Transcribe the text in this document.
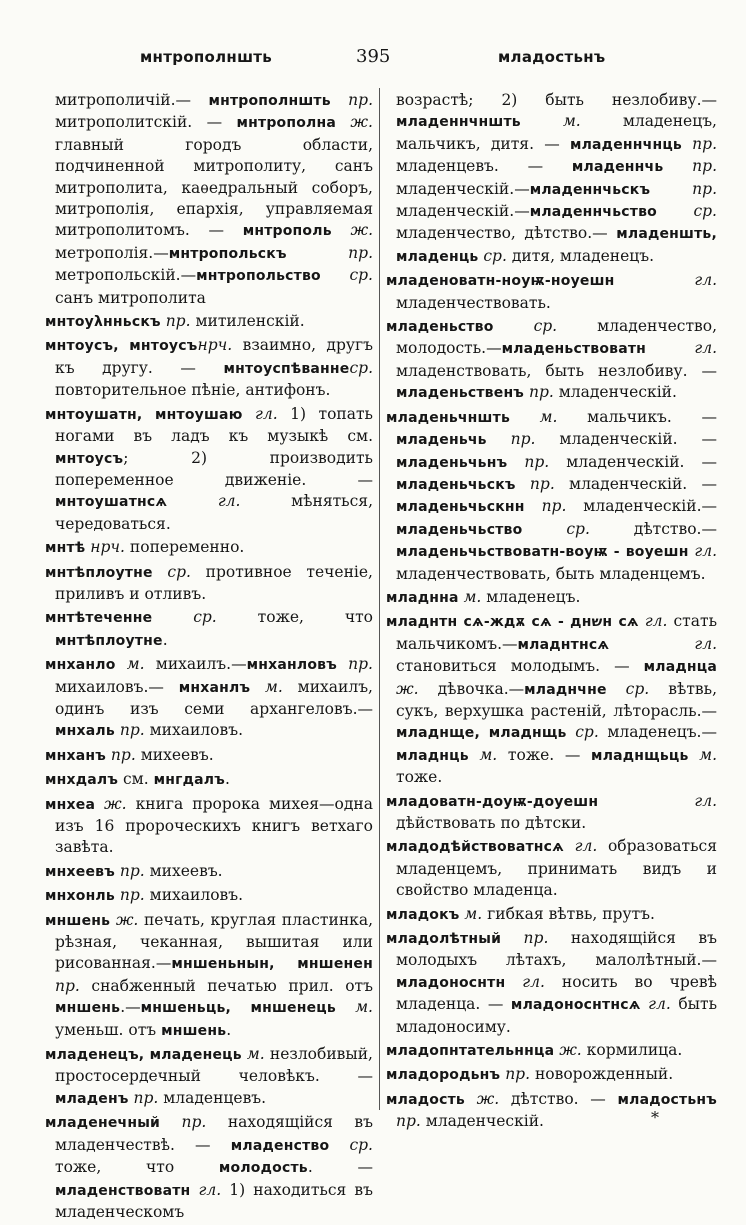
мнтрополншть	395	младостьнъ
митрополичій.— мнтрополншть пр. митрополитскій. — мнтрополна ж. главный городъ области, подчиненной митрополиту, санъ митрополита, каѳедральный соборъ, митрополія, епархія, управляемая митрополитомъ. — мнтрополь ж. метрополія.—мнтропольскъ пр. метропольскій.—мнтропольство ср. санъ митрополита
мнтоуλнньскъ пр. митиленскій.
мнтоусъ, мнтоусънрч. взаимно, другъ къ другу. — мнтоуспѣваннеср. повторительное пѣніе, антифонъ.
мнтоушатн, мнтоушаю гл. 1) топать ногами въ ладъ къ музыкѣ см. мнтоусъ; 2) производить попеременное движеніе. — мнтоушатнсѧ гл. мѣняться, чередоваться.
мнтѣ нрч. попеременно.
мнтѣплоутне ср. противное теченіе, приливъ и отливъ.
мнтѣтеченне ср. тоже, что мнтѣплоутне.
мнханло м. михаилъ.—мнханловъ пр. михаиловъ.— мнханлъ м. михаилъ, одинъ изъ семи архангеловъ.— мнхаль пр. михаиловъ.
мнханъ пр. михеевъ.
мнхдалъ см. мнгдалъ.
мнхеа ж. книга пророка михея—одна изъ 16 пророческихъ книгъ ветхаго завѣта.
мнхеевъ пр. михеевъ.
мнхонль пр. михаиловъ.
мншень ж. печать, круглая пластинка, рѣзная, чеканная, вышитая или рисованная.—мншеньнын, мншенен пр. снабженный печатью прил. отъ мншень.—мншеньць, мншенець м. уменьш. отъ мншень.
младенецъ, младенець м. незлобивый, простосердечный человѣкъ. — младенъ пр. младенцевъ.
младенечный пр. находящійся въ младенчествѣ. — младенство ср. тоже, что молодость. — младенствоватн гл. 1) находиться въ младенческомъ
возрастѣ; 2) быть незлобиву.—младеннчншть м. младенецъ, мальчикъ, дитя. — младеннчнць пр. младенцевъ. — младеннчь пр. младенческій.—младеннчьскъ пр. младенческій.—младеннчьство ср. младенчество, дѣтство.— младеншть, младенць ср. дитя, младенецъ.
младеноватн-ноуѭ-ноуешн гл. младенчествовать.
младеньство ср. младенчество, молодость.—младеньствоватн гл. младенствовать, быть незлобиву. — младеньственъ пр. младенческій.
младеньчншть м. мальчикъ. — младеньчь пр. младенческій. — младеньчьнъ пр. младенческій. — младеньчьскъ пр. младенческій. — младеньчьскнн пр. младенческій.—младеньчьство ср. дѣтство.—младеньчьствоватн-воуѭ - воуешн гл. младенчествовать, быть младенцемъ.
младнна м. младенецъ.
младнтн сѧ-ждѫ сѧ - днשн сѧ гл. стать мальчикомъ.—младнтнсѧ гл. становиться молодымъ. — младнца ж. дѣвочка.—младнчне ср. вѣтвь, сукъ, верхушка растеній, лѣторасль.—младнще, младнщь ср. младенецъ.—младнць м. тоже. — младнщьць м. тоже.
младоватн-доуѭ-доуешн гл. дѣйствовать по дѣтски.
младодѣйствоватнсѧ гл. образоваться младенцемъ, принимать видъ и свойство младенца.
младокъ м. гибкая вѣтвь, прутъ.
младолѣтный пр. находящійся въ молодыхъ лѣтахъ, малолѣтный.—младоноснтн гл. носить во чревѣ младенца. — младоноснтнсѧ гл. быть младоносиму.
младопнтательннца ж. кормилица.
младородьнъ пр. новорожденный.
младость ж. дѣтство. — младостьнъ пр. младенческій.	*
